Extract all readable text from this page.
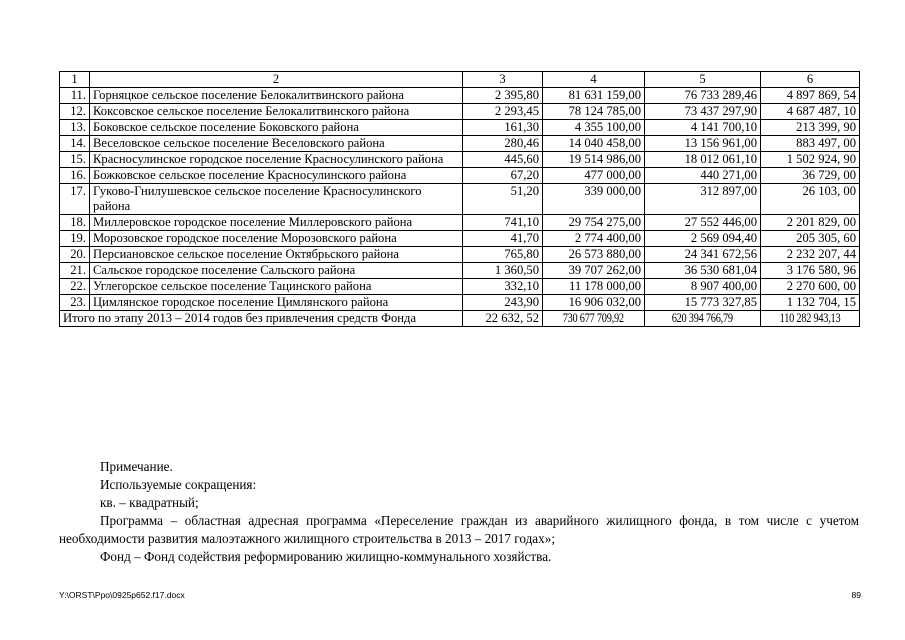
1	2	3	4	5	6
11.	Горняцкое сельское поселение Белокалитвинского района	2 395,80	81 631 159,00	76 733 289,46	4 897 869, 54
12.	Коксовское сельское поселение Белокалитвинского района	2 293,45	78 124 785,00	73 437 297,90	4 687 487, 10
13.	Боковское сельское поселение Боковского района	161,30	4 355 100,00	4 141 700,10	213 399, 90
14.	Веселовское сельское поселение Веселовского района	280,46	14 040 458,00	13 156 961,00	883 497, 00
15.	Красносулинское городское поселение Красносулинского района	445,60	19 514 986,00	18 012 061,10	1 502 924, 90
16.	Божковское сельское поселение Красносулинского района	67,20	477 000,00	440 271,00	36 729, 00
17.	Гуково-Гнилушевское сельское поселение Красносулинского района	51,20	339 000,00	312 897,00	26 103, 00
18.	Миллеровское городское поселение Миллеровского района	741,10	29 754 275,00	27 552 446,00	2 201 829, 00
19.	Морозовское городское поселение Морозовского района	41,70	2 774 400,00	2 569 094,40	205 305, 60
20.	Персиановское сельское поселение Октябрьского района	765,80	26 573 880,00	24 341 672,56	2 232 207, 44
21.	Сальское городское поселение Сальского района	1 360,50	39 707 262,00	36 530 681,04	3 176 580, 96
22.	Углегорское сельское поселение Тацинского района	332,10	11 178 000,00	8 907 400,00	2 270 600, 00
23.	Цимлянское городское поселение Цимлянского района	243,90	16 906 032,00	15 773 327,85	1 132 704, 15
Итого по этапу 2013 – 2014 годов без привлечения средств Фонда		22 632, 52	730 677 709,92	620 394 766,79	110 282 943,13

Примечание.

Используемые сокращения:

кв. – квадратный;

Программа – областная адресная программа «Переселение граждан из аварийного жилищного фонда, в том числе с учетом необходимости развития малоэтажного жилищного строительства в 2013 – 2017 годах»;

Фонд – Фонд содействия реформированию жилищно-коммунального хозяйства.

Y:\ORST\Ppo\0925p652.f17.docx	89
